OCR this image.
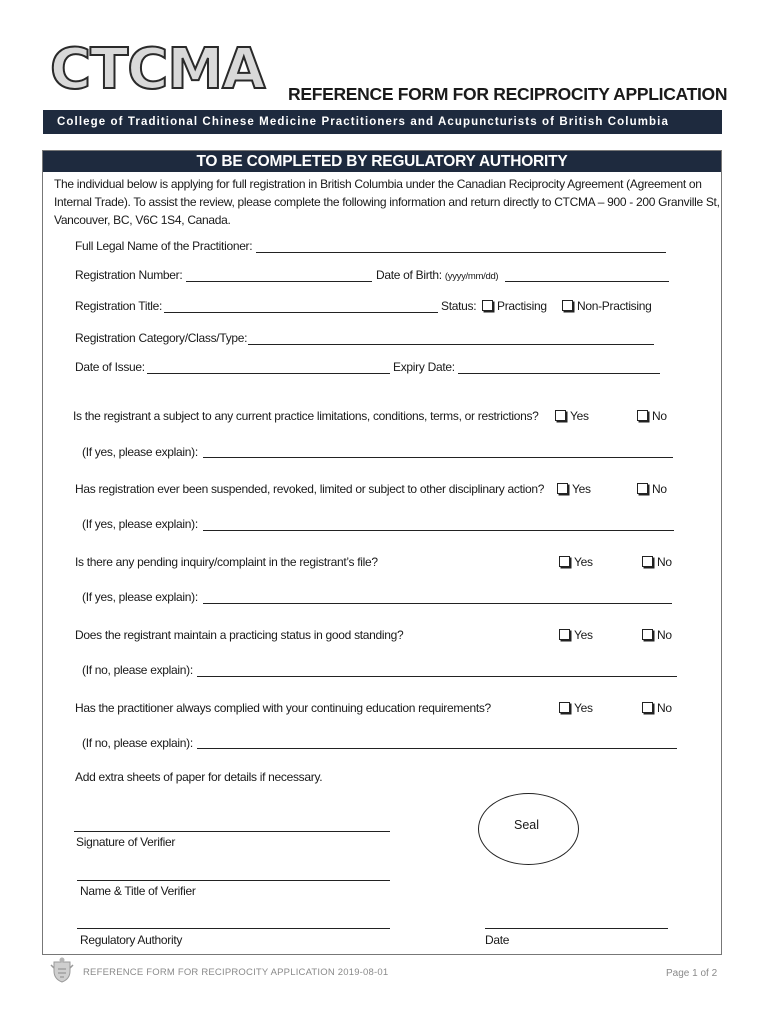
CTCMA REFERENCE FORM FOR RECIPROCITY APPLICATION
College of Traditional Chinese Medicine Practitioners and Acupuncturists of British Columbia
TO BE COMPLETED BY REGULATORY AUTHORITY
The individual below is applying for full registration in British Columbia under the Canadian Reciprocity Agreement (Agreement on Internal Trade). To assist the review, please complete the following information and return directly to CTCMA – 900 - 200 Granville St, Vancouver, BC, V6C 1S4, Canada.
Full Legal Name of the Practitioner:
Registration Number:	Date of Birth: (yyyy/mm/dd)
Registration Title:	Status:	Practising	Non-Practising
Registration Category/Class/Type:
Date of Issue:	Expiry Date:
Is the registrant a subject to any current practice limitations, conditions, terms, or restrictions?	Yes	No
(If yes, please explain):
Has registration ever been suspended, revoked, limited or subject to other disciplinary action?	Yes	No
(If yes, please explain):
Is there any pending inquiry/complaint in the registrant’s file?	Yes	No
(If yes, please explain):
Does the registrant maintain a practicing status in good standing?	Yes	No
(If no, please explain):
Has the practitioner always complied with your continuing education requirements?	Yes	No
(If no, please explain):
Add extra sheets of paper for details if necessary.
Seal
Signature of Verifier
Name & Title of Verifier
Regulatory Authority	Date
REFERENCE FORM FOR RECIPROCITY APPLICATION 2019-08-01	Page 1 of 2
